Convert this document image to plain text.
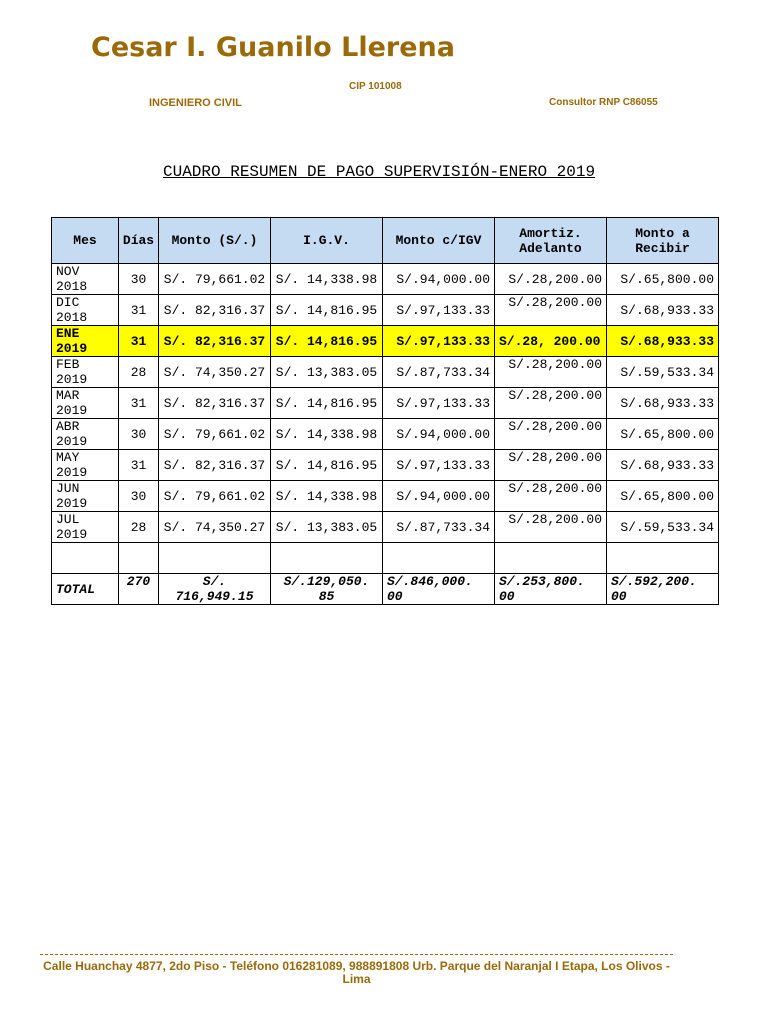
Cesar I. Guanilo Llerena
CIP 101008
INGENIERO CIVIL	Consultor RNP C86055
CUADRO RESUMEN DE PAGO SUPERVISIÓN-ENERO 2019
Mes	Días	Monto (S/.)	I.G.V.	Monto c/IGV	Amortiz. Adelanto	Monto a Recibir
NOV 2018	30	S/. 79,661.02	S/. 14,338.98	S/.94,000.00	S/.28,200.00	S/.65,800.00
DIC 2018	31	S/. 82,316.37	S/. 14,816.95	S/.97,133.33	S/.28,200.00	S/.68,933.33
ENE 2019	31	S/. 82,316.37	S/. 14,816.95	S/.97,133.33	S/.28, 200.00	S/.68,933.33
FEB 2019	28	S/. 74,350.27	S/. 13,383.05	S/.87,733.34	S/.28,200.00	S/.59,533.34
MAR 2019	31	S/. 82,316.37	S/. 14,816.95	S/.97,133.33	S/.28,200.00	S/.68,933.33
ABR 2019	30	S/. 79,661.02	S/. 14,338.98	S/.94,000.00	S/.28,200.00	S/.65,800.00
MAY 2019	31	S/. 82,316.37	S/. 14,816.95	S/.97,133.33	S/.28,200.00	S/.68,933.33
JUN 2019	30	S/. 79,661.02	S/. 14,338.98	S/.94,000.00	S/.28,200.00	S/.65,800.00
JUL 2019	28	S/. 74,350.27	S/. 13,383.05	S/.87,733.34	S/.28,200.00	S/.59,533.34

TOTAL	270	S/. 716,949.15	S/.129,050. 85	S/.846,000. 00	S/.253,800. 00	S/.592,200. 00
Calle Huanchay 4877, 2do Piso - Teléfono 016281089, 988891808 Urb. Parque del Naranjal I Etapa, Los Olivos - Lima
